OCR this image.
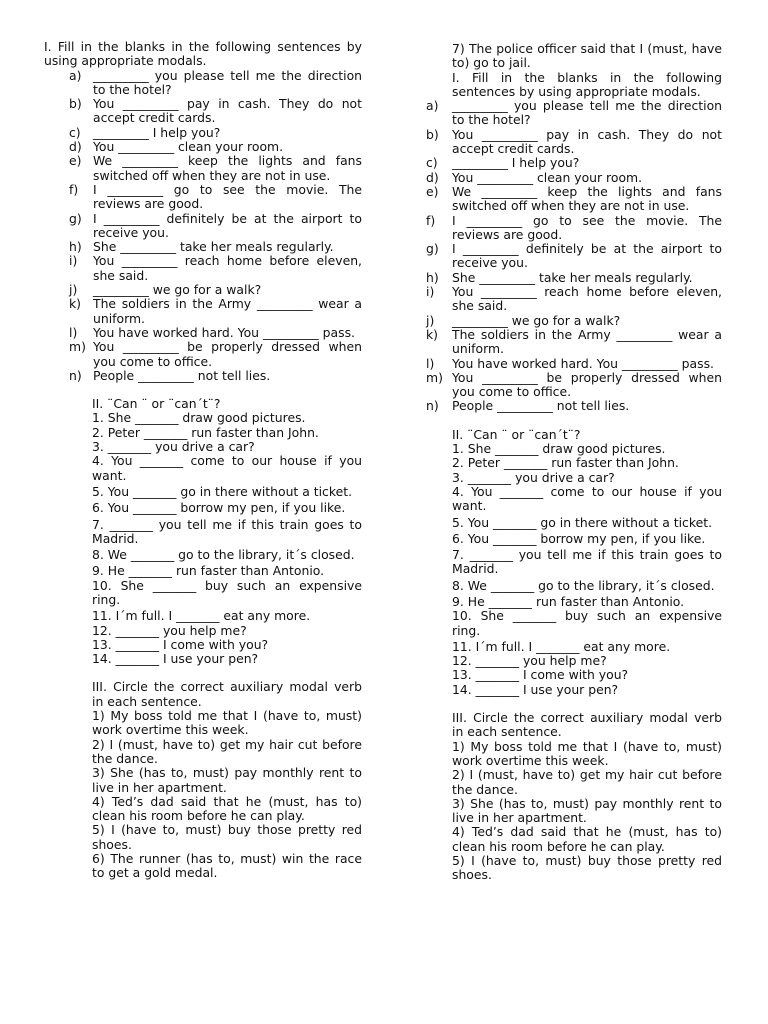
I. Fill in the blanks in the following sentences by using appropriate modals.

a) _________ you please tell me the direction to the hotel?
b) You _________ pay in cash. They do not accept credit cards.
c) _________ I help you?
d) You _________ clean your room.
e) We _________ keep the lights and fans switched off when they are not in use.
f)	I _________ go to see the movie. The reviews are good.
g) I _________ definitely be at the airport to receive you.
h) She _________ take her meals regularly.
i)	You _________ reach home before eleven, she said.
j)	_________ we go for a walk?
k) The soldiers in the Army _________ wear a uniform.
l)	You have worked hard. You _________ pass.
m) You _________ be properly dressed when you come to office.
n) People _________ not tell lies.

II. ¨Can ¨ or ¨can´t¨?

1. She _______ draw good pictures.

2. Peter _______ run faster than John.

3. _______ you drive a car?

4. You _______ come to our house if you want.

5. You _______ go in there without a ticket.

6. You _______ borrow my pen, if you like.

7. _______ you tell me if this train goes to Madrid.

8. We _______ go to the library, it´s closed.

9. He _______ run faster than Antonio.

10. She _______ buy such an expensive ring.

11. I´m full. I _______ eat any more.

12. _______ you help me?

13. _______ I come with you?

14. _______ I use your pen?

III. Circle the correct auxiliary modal verb in each sentence.

1) My boss told me that I (have to, must) work overtime this week.

2) I (must, have to) get my hair cut before the dance.

3) She (has to, must) pay monthly rent to live in her apartment.

4) Ted’s dad said that he (must, has to) clean his room before he can play.

5) I (have to, must) buy those pretty red shoes.

6) The runner (has to, must) win the race to get a gold medal.

7) The police officer said that I (must, have to) go to jail.

I. Fill in the blanks in the following sentences by using appropriate modals.

a)	_________ you please tell me the direction to the hotel?
b)	You _________ pay in cash. They do not accept credit cards.
c)	_________ I help you?
d)	You _________ clean your room.
e)	We _________ keep the lights and fans switched off when they are not in use.
f)	I _________ go to see the movie. The reviews are good.
g)	I _________ definitely be at the airport to receive you.
h)	She _________ take her meals regularly.
i)	You _________ reach home before eleven, she said.
j)	_________ we go for a walk?
k)	The soldiers in the Army _________ wear a uniform.
l)	You have worked hard. You _________ pass.
m) You _________ be properly dressed when you come to office.
n)	People _________ not tell lies.

II. ¨Can ¨ or ¨can´t¨?

1. She _______ draw good pictures.

2. Peter _______ run faster than John.

3. _______ you drive a car?

4. You _______ come to our house if you want.

5. You _______ go in there without a ticket.

6. You _______ borrow my pen, if you like.

7. _______ you tell me if this train goes to Madrid.

8. We _______ go to the library, it´s closed.

9. He _______ run faster than Antonio.

10. She _______ buy such an expensive ring.

11. I´m full. I _______ eat any more.

12. _______ you help me?

13. _______ I come with you?

14. _______ I use your pen?

III. Circle the correct auxiliary modal verb in each sentence.

1) My boss told me that I (have to, must) work overtime this week.

2) I (must, have to) get my hair cut before the dance.

3) She (has to, must) pay monthly rent to live in her apartment.

4) Ted’s dad said that he (must, has to) clean his room before he can play.

5) I (have to, must) buy those pretty red shoes.
